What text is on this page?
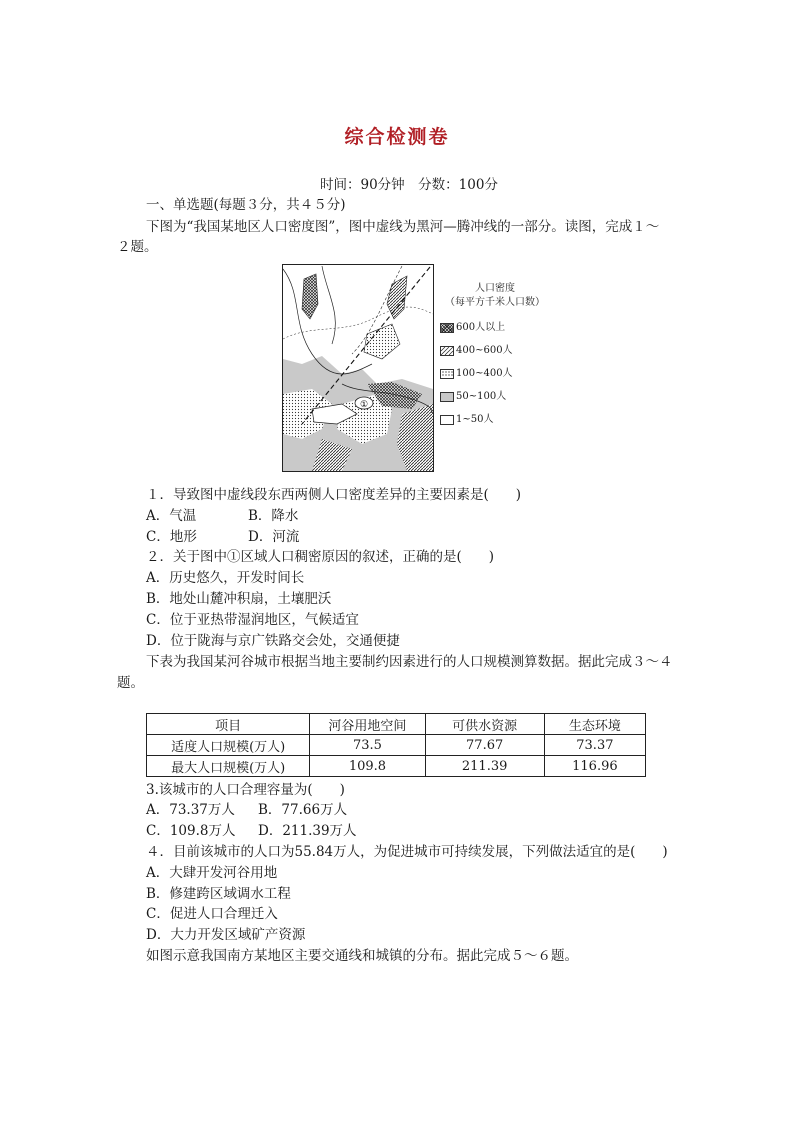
综合检测卷
时间：90分钟　分数：100分
一、单选题(每题３分，共４５分)
下图为“我国某地区人口密度图”，图中虚线为黑河—腾冲线的一部分。读图，完成１～
２题。
①
人口密度
（每平方千米人口数）
600人以上
400~600人
100~400人
50~100人
1~50人
１．导致图中虚线段东西两侧人口密度差异的主要因素是(　　)
A．气温	B．降水
C．地形	D．河流
２．关于图中①区域人口稠密原因的叙述，正确的是(　　)
A．历史悠久，开发时间长
B．地处山麓冲积扇，土壤肥沃
C．位于亚热带湿润地区，气候适宜
D．位于陇海与京广铁路交会处，交通便捷
下表为我国某河谷城市根据当地主要制约因素进行的人口规模测算数据。据此完成３～４
题。
项目	河谷用地空间	可供水资源	生态环境
适度人口规模(万人)	73.5	77.67	73.37
最大人口规模(万人)	109.8	211.39	116.96
3.该城市的人口合理容量为(　　)
A．73.37万人 B．77.66万人
C．109.8万人 D．211.39万人
４．目前该城市的人口为55.84万人，为促进城市可持续发展，下列做法适宜的是(　　)
A．大肆开发河谷用地
B．修建跨区域调水工程
C．促进人口合理迁入
D．大力开发区域矿产资源
如图示意我国南方某地区主要交通线和城镇的分布。据此完成５～６题。
